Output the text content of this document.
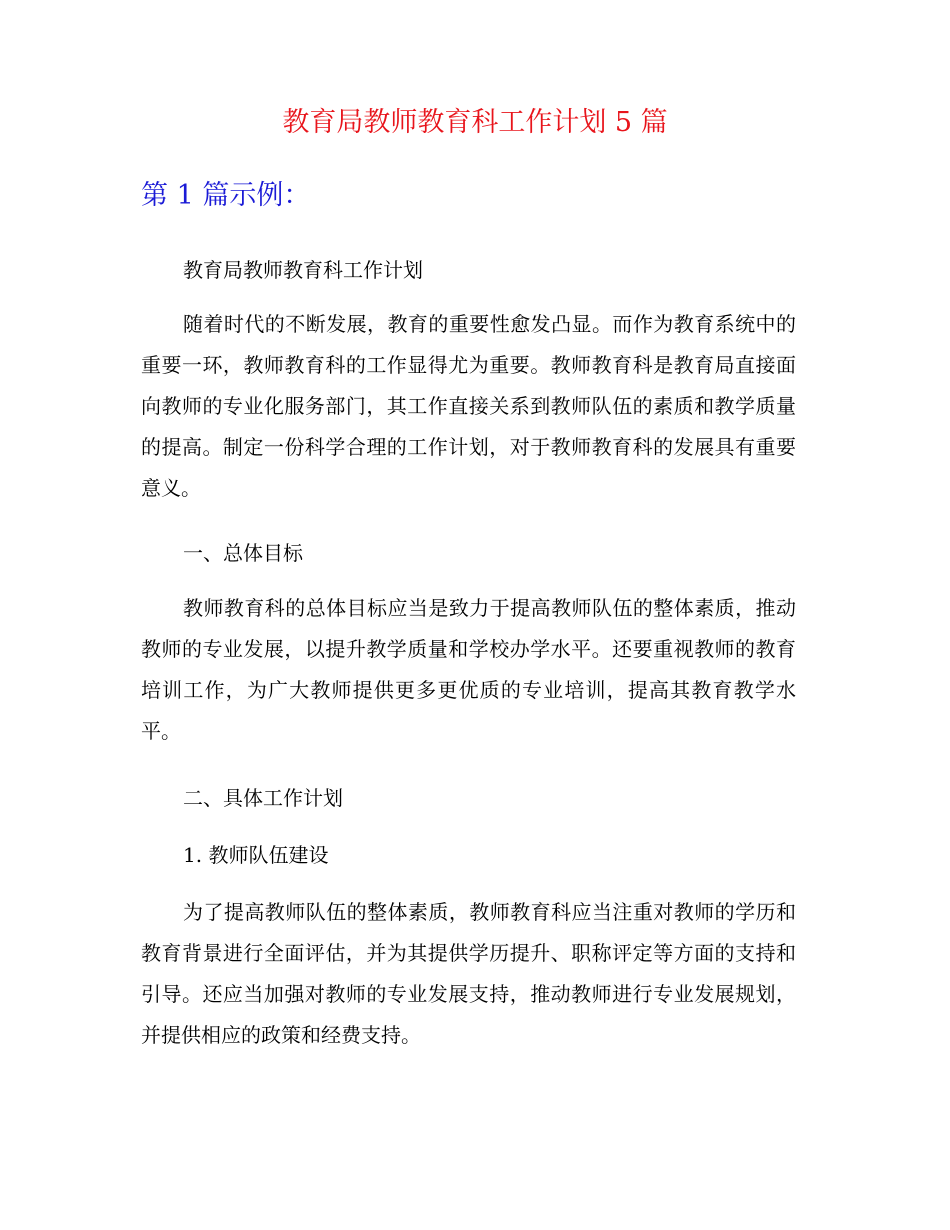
教育局教师教育科工作计划 5 篇
第 1 篇示例：

教育局教师教育科工作计划

随着时代的不断发展，教育的重要性愈发凸显。而作为教育系统中的重要一环，教师教育科的工作显得尤为重要。教师教育科是教育局直接面向教师的专业化服务部门，其工作直接关系到教师队伍的素质和教学质量的提高。制定一份科学合理的工作计划，对于教师教育科的发展具有重要意义。

一、总体目标

教师教育科的总体目标应当是致力于提高教师队伍的整体素质，推动教师的专业发展，以提升教学质量和学校办学水平。还要重视教师的教育培训工作，为广大教师提供更多更优质的专业培训，提高其教育教学水平。

二、具体工作计划

1. 教师队伍建设

为了提高教师队伍的整体素质，教师教育科应当注重对教师的学历和教育背景进行全面评估，并为其提供学历提升、职称评定等方面的支持和引导。还应当加强对教师的专业发展支持，推动教师进行专业发展规划，并提供相应的政策和经费支持。
